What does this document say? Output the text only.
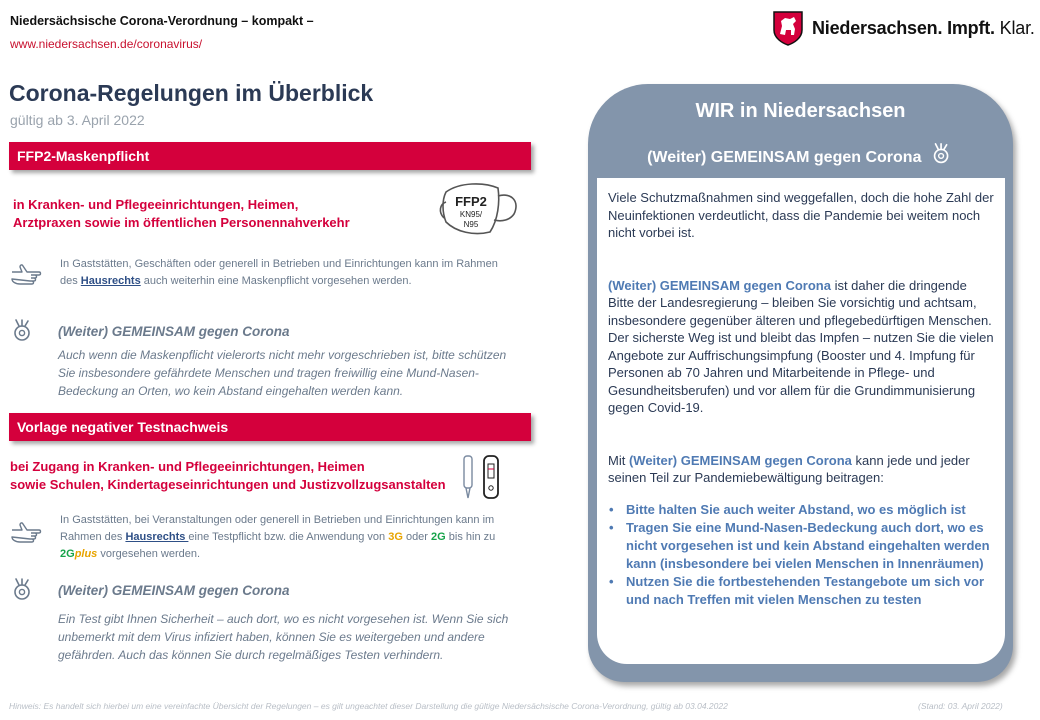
Niedersächsische Corona-Verordnung – kompakt –
www.niedersachsen.de/coronavirus/
Niedersachsen. Impft. Klar.
Corona-Regelungen im Überblick
gültig ab 3. April 2022
FFP2-Maskenpflicht
in Kranken- und Pflegeeinrichtungen, Heimen,
Arztpraxen sowie im öffentlichen Personennahverkehr
FFP2
KN95/
N95
In Gaststätten, Geschäften oder generell in Betrieben und Einrichtungen kann im Rahmen des Hausrechts auch weiterhin eine Maskenpflicht vorgesehen werden.
(Weiter) GEMEINSAM gegen Corona
Auch wenn die Maskenpflicht vielerorts nicht mehr vorgeschrieben ist, bitte schützen Sie insbesondere gefährdete Menschen und tragen freiwillig eine Mund-Nasen-Bedeckung an Orten, wo kein Abstand eingehalten werden kann.
Vorlage negativer Testnachweis
bei Zugang in Kranken- und Pflegeeinrichtungen, Heimen
sowie Schulen, Kindertageseinrichtungen und Justizvollzugsanstalten
In Gaststätten, bei Veranstaltungen oder generell in Betrieben und Einrichtungen kann im Rahmen des Hausrechts eine Testpflicht bzw. die Anwendung von 3G oder 2G bis hin zu 2Gplus vorgesehen werden.
(Weiter) GEMEINSAM gegen Corona
Ein Test gibt Ihnen Sicherheit – auch dort, wo es nicht vorgesehen ist. Wenn Sie sich unbemerkt mit dem Virus infiziert haben, können Sie es weitergeben und andere gefährden. Auch das können Sie durch regelmäßiges Testen verhindern.
WIR in Niedersachsen
(Weiter) GEMEINSAM gegen Corona

Viele Schutzmaßnahmen sind weggefallen, doch die hohe Zahl der Neuinfektionen verdeutlicht, dass die Pandemie bei weitem noch nicht vorbei ist.

(Weiter) GEMEINSAM gegen Corona ist daher die dringende Bitte der Landesregierung – bleiben Sie vorsichtig und achtsam, insbesondere gegenüber älteren und pflegebedürftigen Menschen.

Der sicherste Weg ist und bleibt das Impfen – nutzen Sie die vielen Angebote zur Auffrischungsimpfung (Booster und 4. Impfung für Personen ab 70 Jahren und Mitarbeitende in Pflege- und Gesundheitsberufen) und vor allem für die Grundimmunisierung gegen Covid-19.

Mit (Weiter) GEMEINSAM gegen Corona kann jede und jeder seinen Teil zur Pandemiebewältigung beitragen:

• Bitte halten Sie auch weiter Abstand, wo es möglich ist
• Tragen Sie eine Mund-Nasen-Bedeckung auch dort, wo es nicht vorgesehen ist und kein Abstand eingehalten werden kann (insbesondere bei vielen Menschen in Innenräumen)
• Nutzen Sie die fortbestehenden Testangebote um sich vor und nach Treffen mit vielen Menschen zu testen
Hinweis: Es handelt sich hierbei um eine vereinfachte Übersicht der Regelungen – es gilt ungeachtet dieser Darstellung die gültige Niedersächsische Corona-Verordnung, gültig ab 03.04.2022	(Stand: 03. April 2022)
